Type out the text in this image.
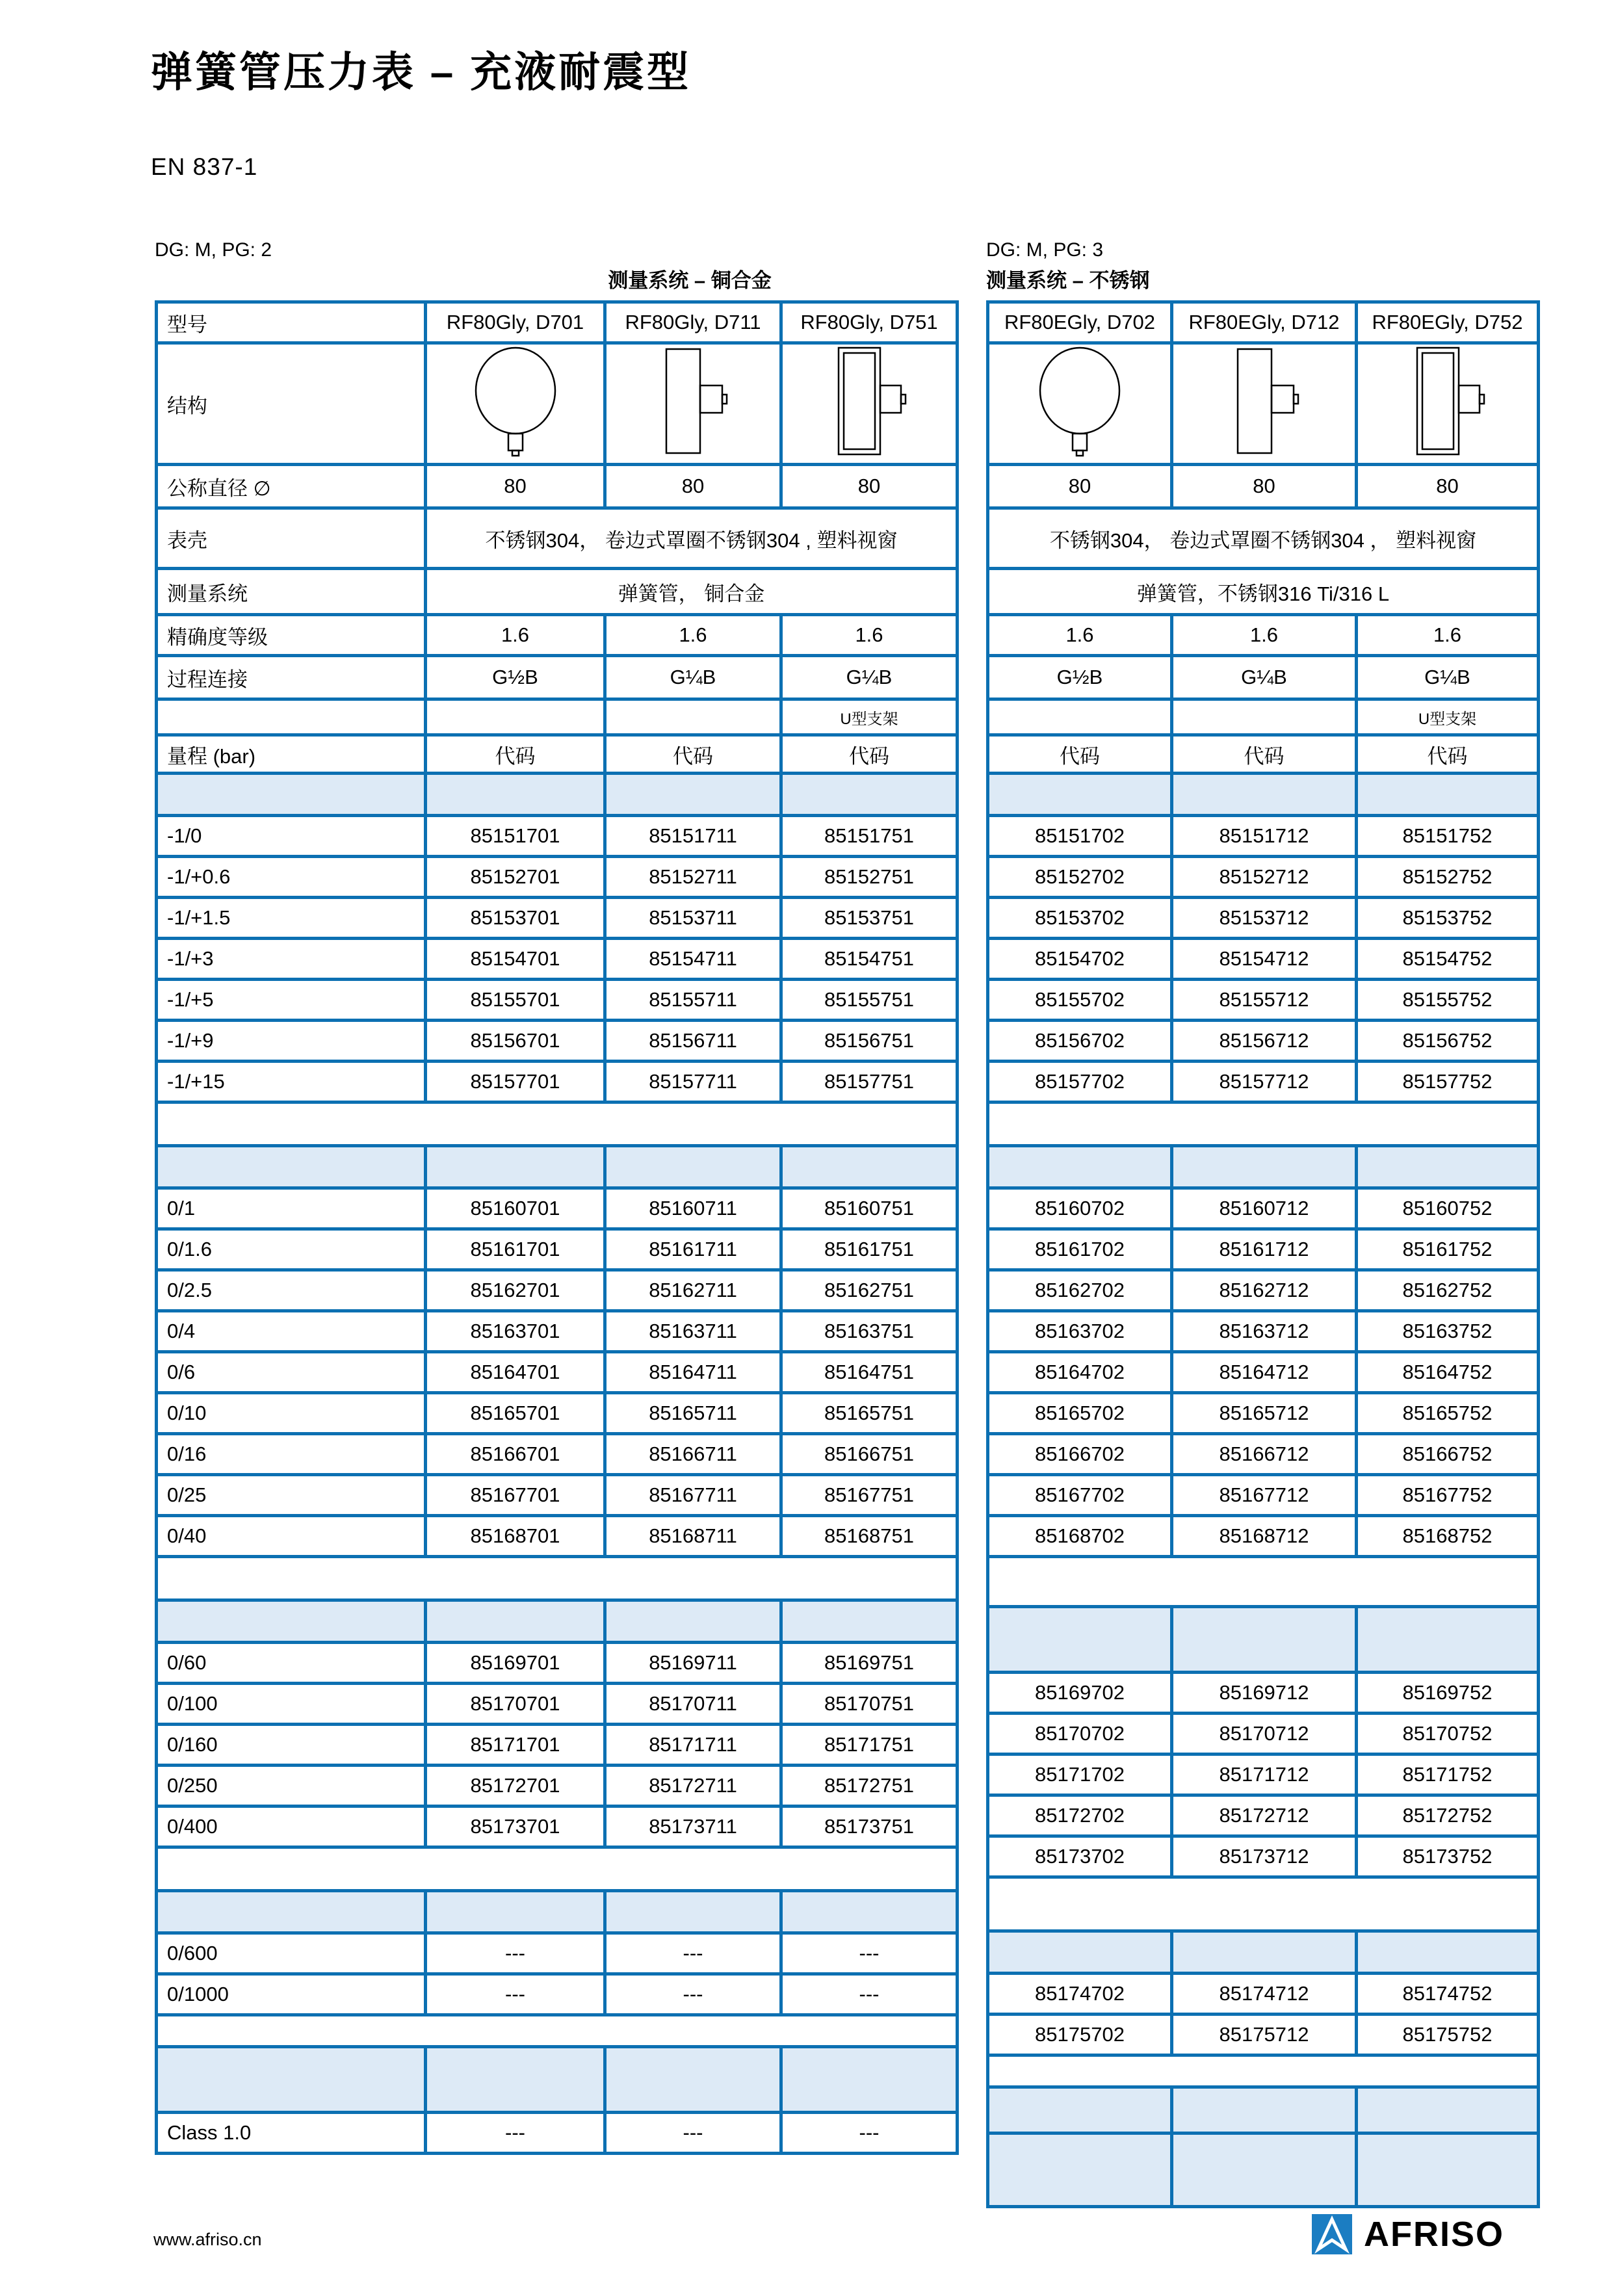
弹簧管压力表 – 充液耐震型
EN 837-1
DG: M, PG: 2
测量系统 – 铜合金
DG: M, PG: 3
测量系统 – 不锈钢
型号	RF80Gly, D701	RF80Gly, D711	RF80Gly, D751
结构			
公称直径 ∅	80	80	80
表壳	不锈钢304， 卷边式罩圈不锈钢304 , 塑料视窗		
测量系统	弹簧管， 铜合金		
精确度等级	1.6	1.6	1.6
过程连接	G½B	G¼B	G¼B
			U型支架
量程 (bar)	代码	代码	代码

-1/0	85151701	85151711	85151751
-1/+0.6	85152701	85152711	85152751
-1/+1.5	85153701	85153711	85153751
-1/+3	85154701	85154711	85154751
-1/+5	85155701	85155711	85155751
-1/+9	85156701	85156711	85156751
-1/+15	85157701	85157711	85157751

0/1	85160701	85160711	85160751
0/1.6	85161701	85161711	85161751
0/2.5	85162701	85162711	85162751
0/4	85163701	85163711	85163751
0/6	85164701	85164711	85164751
0/10	85165701	85165711	85165751
0/16	85166701	85166711	85166751
0/25	85167701	85167711	85167751
0/40	85168701	85168711	85168751

0/60	85169701	85169711	85169751
0/100	85170701	85170711	85170751
0/160	85171701	85171711	85171751
0/250	85172701	85172711	85172751
0/400	85173701	85173711	85173751

0/600	---	---	---
0/1000	---	---	---

Class 1.0	---	---	---
RF80EGly, D702	RF80EGly, D712	RF80EGly, D752

80	80	80
不锈钢304， 卷边式罩圈不锈钢304 ， 塑料视窗		
弹簧管，不锈钢316 Ti/316 L		
1.6	1.6	1.6
G½B	G¼B	G¼B
		U型支架
代码	代码	代码

85151702	85151712	85151752
85152702	85152712	85152752
85153702	85153712	85153752
85154702	85154712	85154752
85155702	85155712	85155752
85156702	85156712	85156752
85157702	85157712	85157752

85160702	85160712	85160752
85161702	85161712	85161752
85162702	85162712	85162752
85163702	85163712	85163752
85164702	85164712	85164752
85165702	85165712	85165752
85166702	85166712	85166752
85167702	85167712	85167752
85168702	85168712	85168752

85169702	85169712	85169752
85170702	85170712	85170752
85171702	85171712	85171752
85172702	85172712	85172752
85173702	85173712	85173752

85174702	85174712	85174752
85175702	85175712	85175752

www.afriso.cn	AFRISO
